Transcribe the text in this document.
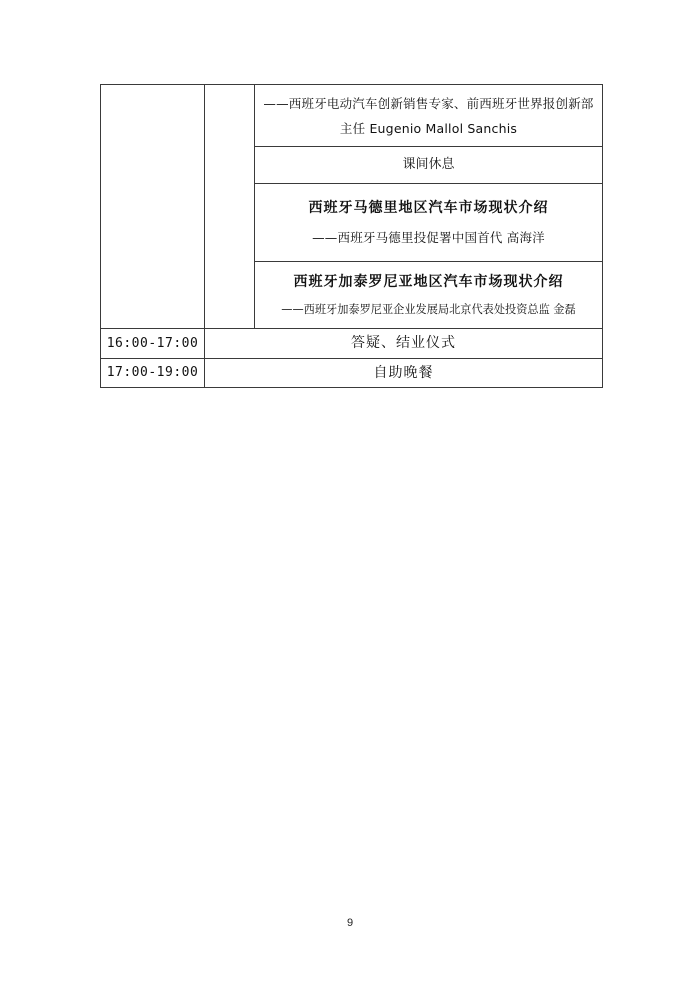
		——西班牙电动汽车创新销售专家、前西班牙世界报创新部
主任 Eugenio Mallol Sanchis

		课间休息

		西班牙马德里地区汽车市场现状介绍
——西班牙马德里投促署中国首代 高海洋

		西班牙加泰罗尼亚地区汽车市场现状介绍
——西班牙加泰罗尼亚企业发展局北京代表处投资总监 金磊

16:00-17:00	答疑、结业仪式	
17:00-19:00	自助晚餐	
9
